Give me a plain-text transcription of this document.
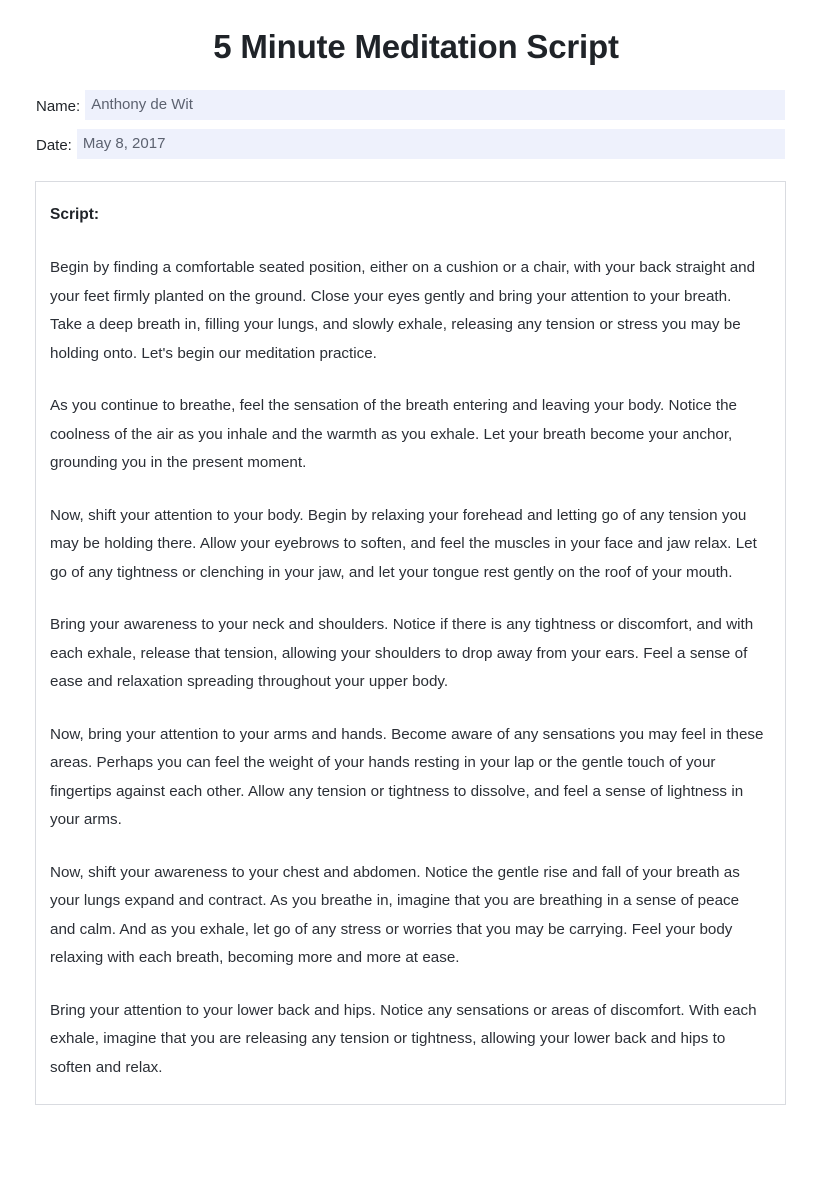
5 Minute Meditation Script
Name: Anthony de Wit
Date: May 8, 2017
Script:

Begin by finding a comfortable seated position, either on a cushion or a chair, with your back straight and your feet firmly planted on the ground. Close your eyes gently and bring your attention to your breath. Take a deep breath in, filling your lungs, and slowly exhale, releasing any tension or stress you may be holding onto. Let's begin our meditation practice.

As you continue to breathe, feel the sensation of the breath entering and leaving your body. Notice the coolness of the air as you inhale and the warmth as you exhale. Let your breath become your anchor, grounding you in the present moment.

Now, shift your attention to your body. Begin by relaxing your forehead and letting go of any tension you may be holding there. Allow your eyebrows to soften, and feel the muscles in your face and jaw relax. Let go of any tightness or clenching in your jaw, and let your tongue rest gently on the roof of your mouth.

Bring your awareness to your neck and shoulders. Notice if there is any tightness or discomfort, and with each exhale, release that tension, allowing your shoulders to drop away from your ears. Feel a sense of ease and relaxation spreading throughout your upper body.

Now, bring your attention to your arms and hands. Become aware of any sensations you may feel in these areas. Perhaps you can feel the weight of your hands resting in your lap or the gentle touch of your fingertips against each other. Allow any tension or tightness to dissolve, and feel a sense of lightness in your arms.

Now, shift your awareness to your chest and abdomen. Notice the gentle rise and fall of your breath as your lungs expand and contract. As you breathe in, imagine that you are breathing in a sense of peace and calm. And as you exhale, let go of any stress or worries that you may be carrying. Feel your body relaxing with each breath, becoming more and more at ease.

Bring your attention to your lower back and hips. Notice any sensations or areas of discomfort. With each exhale, imagine that you are releasing any tension or tightness, allowing your lower back and hips to soften and relax.
